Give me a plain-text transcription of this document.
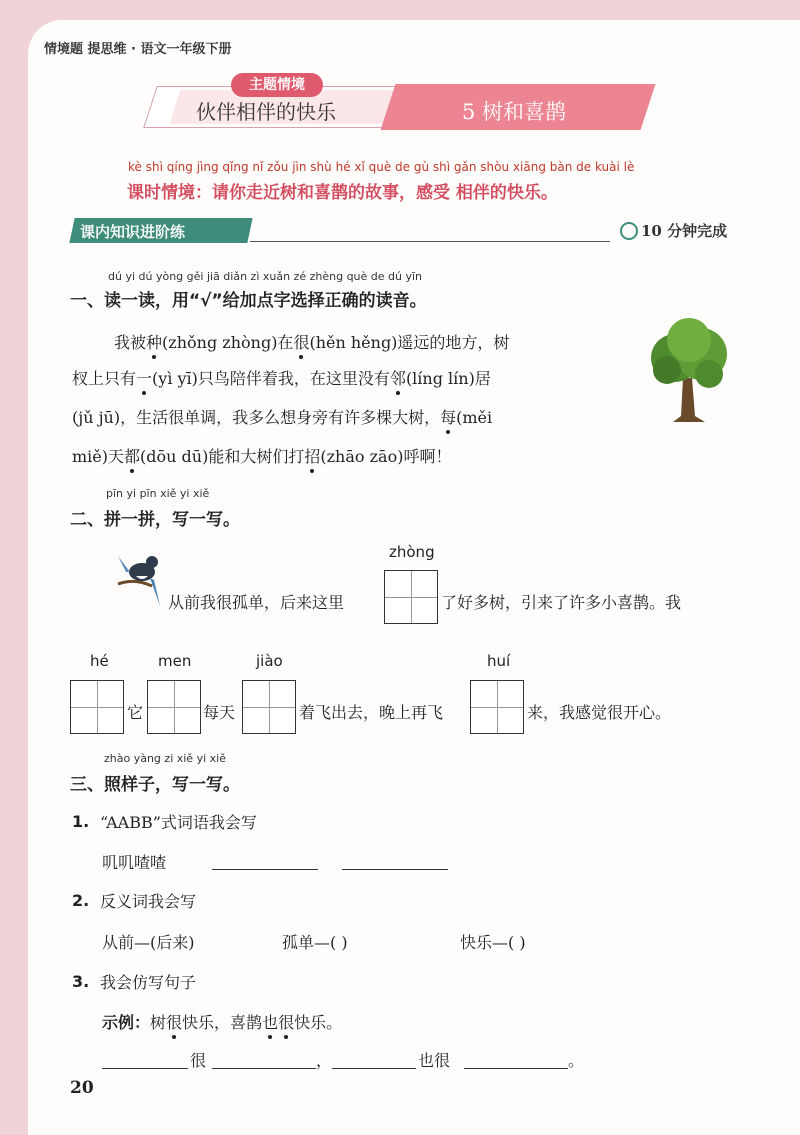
情境题 提思维 · 语文一年级下册
主题情境
伙伴相伴的快乐	5 树和喜鹊
kè shì qíng jìng qǐng nǐ zǒu jìn shù hé xǐ què de gù shì gǎn shòu xiāng bàn de kuài lè
课时情境：请你走近树和喜鹊的故事，感受 相伴的快乐。
课内知识进阶练	10 分钟完成
dú yi dú yòng gěi jiā diǎn zì xuǎn zé zhèng què de dú yīn
一、读一读，用“√”给加点字选择正确的读音。
我被种(zhǒng zhòng)在很(hěn hěng)遥远的地方，树
杈上只有一(yì yī)只鸟陪伴着我，在这里没有邻(líng lín)居
(jǔ jū)，生活很单调，我多么想身旁有许多棵大树，每(měi
miě)天都(dōu dū)能和大树们打招(zhāo zāo)呼啊！
pīn yi pīn xiě yi xiě
二、拼一拼，写一写。
zhòng
从前我很孤单，后来这里	了好多树，引来了许多小喜鹊。我
hé	men	jiào	huí
它	每天	着飞出去，晚上再飞	来，我感觉很开心。
zhào yàng zi xiě yi xiě
三、照样子，写一写。
1. “AABB”式词语我会写
叽叽喳喳
2. 反义词我会写
从前—(后来)	孤单—( )	快乐—( )
3. 我会仿写句子
示例：树很快乐，喜鹊也很快乐。
很	，	也很	。
20
